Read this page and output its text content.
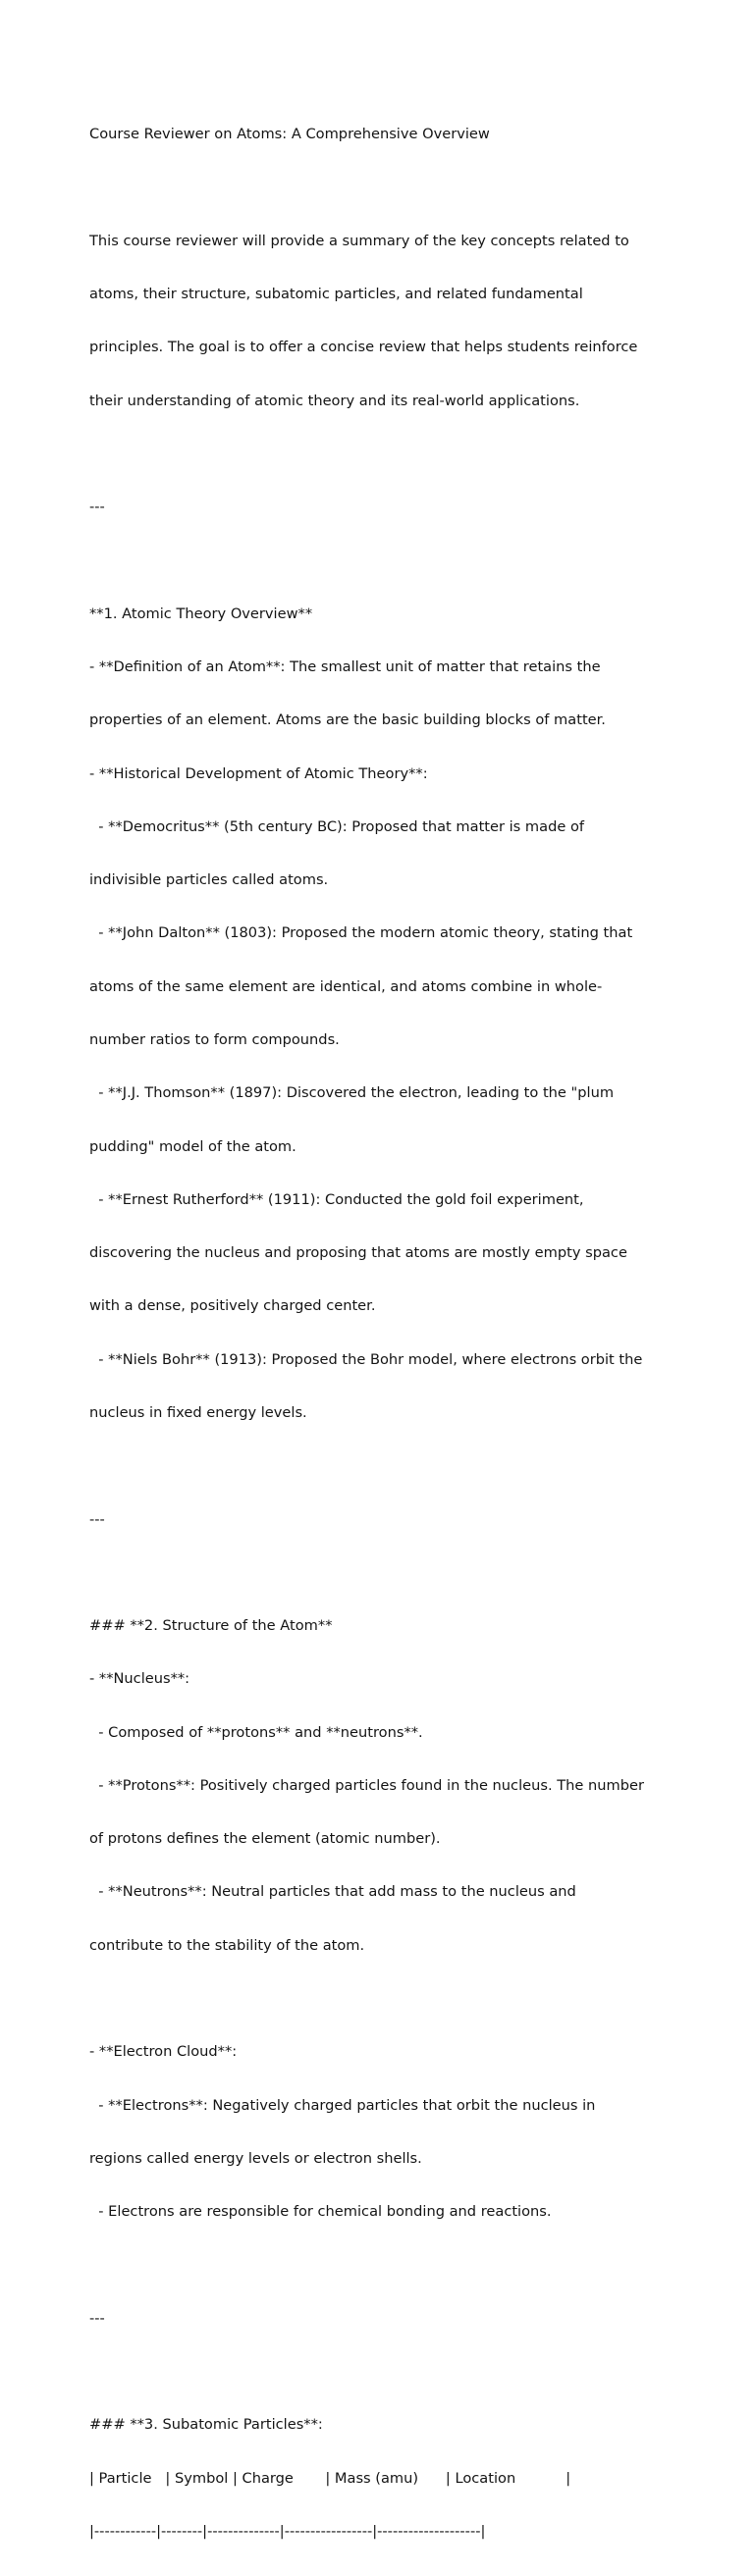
Course Reviewer on Atoms: A Comprehensive Overview

This course reviewer will provide a summary of the key concepts related to

atoms, their structure, subatomic particles, and related fundamental

principles. The goal is to offer a concise review that helps students reinforce

their understanding of atomic theory and its real-world applications.

---

**1. Atomic Theory Overview**

- **Definition of an Atom**: The smallest unit of matter that retains the

properties of an element. Atoms are the basic building blocks of matter.

- **Historical Development of Atomic Theory**:

- **Democritus** (5th century BC): Proposed that matter is made of

indivisible particles called atoms.

- **John Dalton** (1803): Proposed the modern atomic theory, stating that

atoms of the same element are identical, and atoms combine in whole-

number ratios to form compounds.

- **J.J. Thomson** (1897): Discovered the electron, leading to the "plum

pudding" model of the atom.

- **Ernest Rutherford** (1911): Conducted the gold foil experiment,

discovering the nucleus and proposing that atoms are mostly empty space

with a dense, positively charged center.

- **Niels Bohr** (1913): Proposed the Bohr model, where electrons orbit the

nucleus in fixed energy levels.

---

### **2. Structure of the Atom**

- **Nucleus**:

- Composed of **protons** and **neutrons**.

- **Protons**: Positively charged particles found in the nucleus. The number

of protons defines the element (atomic number).

- **Neutrons**: Neutral particles that add mass to the nucleus and

contribute to the stability of the atom.

- **Electron Cloud**:

- **Electrons**: Negatively charged particles that orbit the nucleus in

regions called energy levels or electron shells.

- Electrons are responsible for chemical bonding and reactions.

---

### **3. Subatomic Particles**:

| Particle   | Symbol | Charge       | Mass (amu)      | Location           |

|------------|--------|--------------|-----------------|--------------------|
